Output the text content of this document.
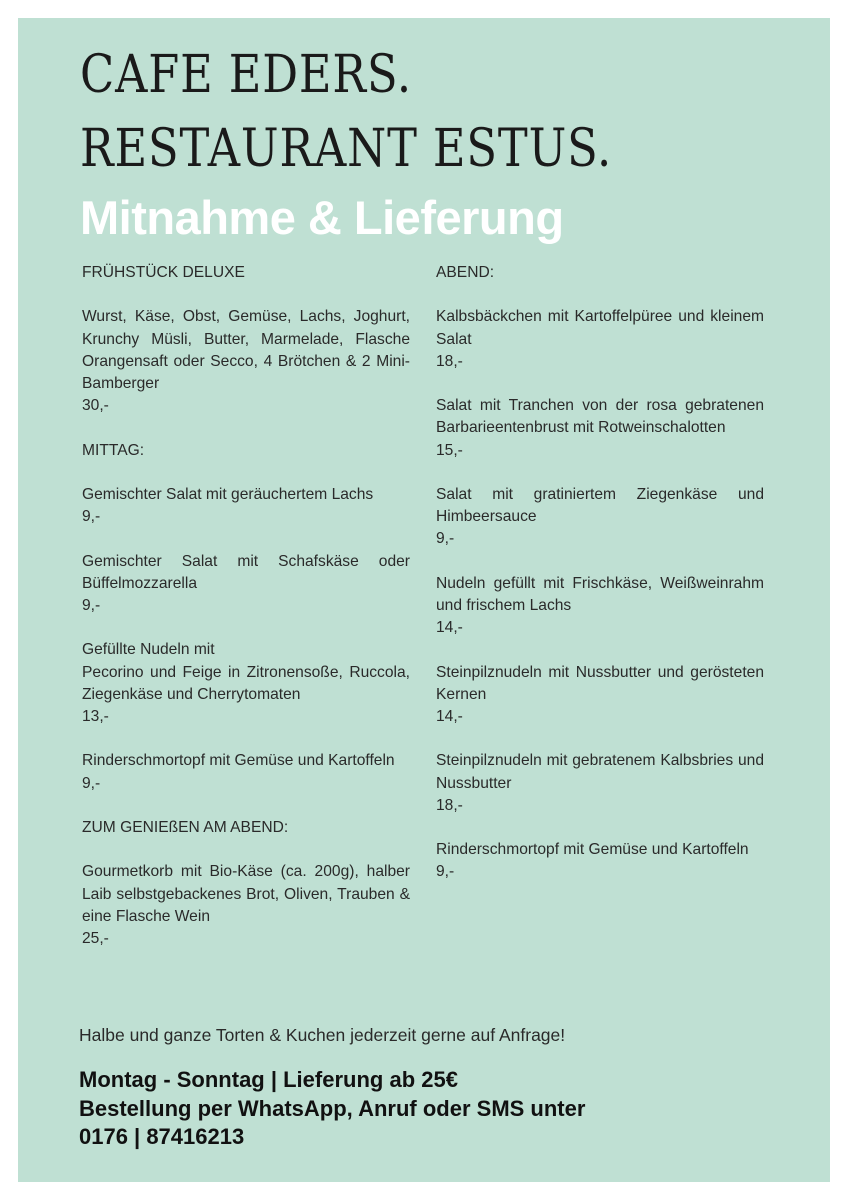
CAFE EDERS.
RESTAURANT ESTUS.
Mitnahme & Lieferung

FRÜHSTÜCK DELUXE

Wurst, Käse, Obst, Gemüse, Lachs, Joghurt, Krunchy Müsli, Butter, Marmelade, Flasche Orangensaft oder Secco, 4 Brötchen & 2 Mini-Bamberger

30,-

MITTAG:

Gemischter Salat mit geräuchertem Lachs

9,-

Gemischter Salat mit Schafskäse oder Büffelmozzarella

9,-

Gefüllte Nudeln mit

Pecorino und Feige in Zitronensoße, Ruccola, Ziegenkäse und Cherrytomaten

13,-

Rinderschmortopf mit Gemüse und Kartoffeln

9,-

ZUM GENIEßEN AM ABEND:

Gourmetkorb mit Bio-Käse (ca. 200g), halber Laib selbstgebackenes Brot, Oliven, Trauben & eine Flasche Wein

25,-

ABEND:

Kalbsbäckchen mit Kartoffelpüree und kleinem Salat

18,-

Salat mit Tranchen von der rosa gebratenen Barbarieentenbrust mit Rotweinschalotten

15,-

Salat mit gratiniertem Ziegenkäse und Himbeersauce

9,-

Nudeln gefüllt mit Frischkäse, Weißweinrahm und frischem Lachs

14,-

Steinpilznudeln mit Nussbutter und gerösteten Kernen

14,-

Steinpilznudeln mit gebratenem Kalbsbries und Nussbutter

18,-

Rinderschmortopf mit Gemüse und Kartoffeln

9,-

Halbe und ganze Torten & Kuchen jederzeit gerne auf Anfrage!

Montag - Sonntag | Lieferung ab 25€
Bestellung per WhatsApp, Anruf oder SMS unter
0176 | 87416213
